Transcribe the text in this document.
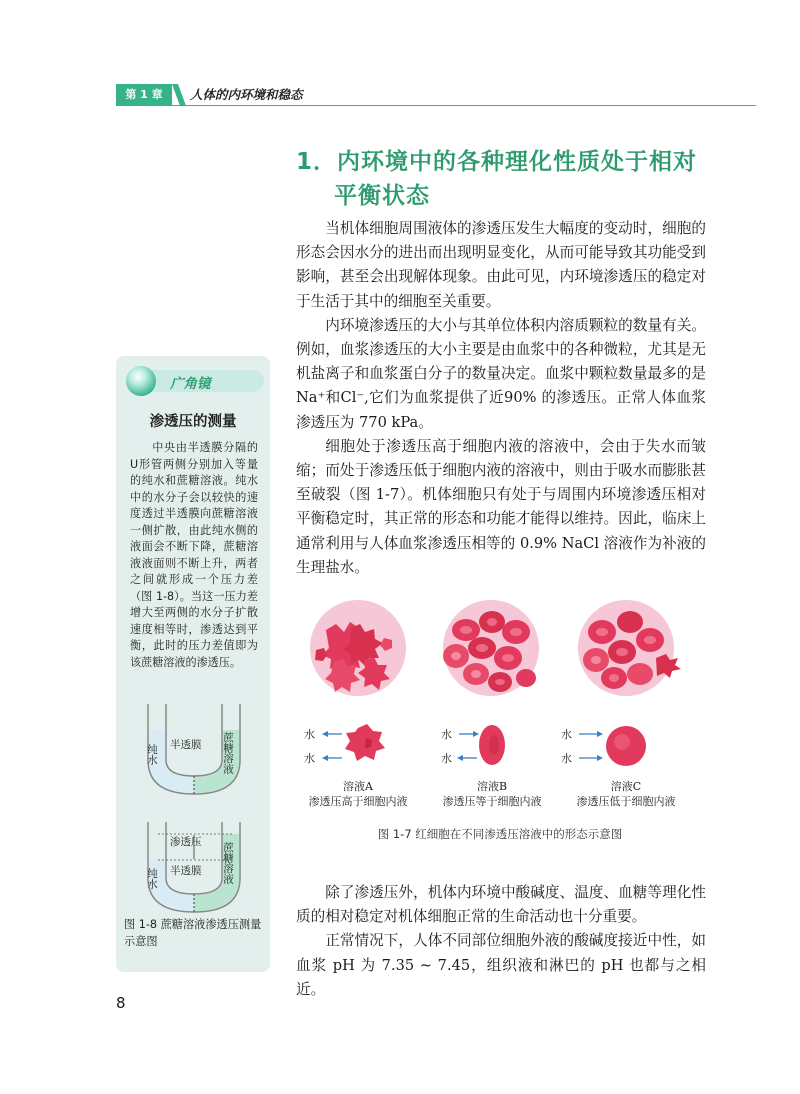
第 1 章	人体的内环境和稳态
1．内环境中的各种理化性质处于相对
平衡状态

当机体细胞周围液体的渗透压发生大幅度的变动时，细胞的形态会因水分的进出而出现明显变化，从而可能导致其功能受到影响，甚至会出现解体现象。由此可见，内环境渗透压的稳定对于生活于其中的细胞至关重要。

内环境渗透压的大小与其单位体积内溶质颗粒的数量有关。例如，血浆渗透压的大小主要是由血浆中的各种微粒，尤其是无机盐离子和血浆蛋白分子的数量决定。血浆中颗粒数量最多的是Na⁺和Cl⁻,它们为血浆提供了近90% 的渗透压。正常人体血浆渗透压为 770 kPa。

细胞处于渗透压高于细胞内液的溶液中，会由于失水而皱缩；而处于渗透压低于细胞内液的溶液中，则由于吸水而膨胀甚至破裂（图 1-7）。机体细胞只有处于与周围内环境渗透压相对平衡稳定时，其正常的形态和功能才能得以维持。因此，临床上通常利用与人体血浆渗透压相等的 0.9% NaCl 溶液作为补液的生理盐水。

水
水
水
水
水
水
溶液A
渗透压高于细胞内液
溶液B
渗透压等于细胞内液
溶液C
渗透压低于细胞内液
图 1-7 红细胞在不同渗透压溶液中的形态示意图

除了渗透压外，机体内环境中酸碱度、温度、血糖等理化性质的相对稳定对机体细胞正常的生命活动也十分重要。

正常情况下，人体不同部位细胞外液的酸碱度接近中性，如血浆 pH 为 7.35 ~ 7.45，组织液和淋巴的 pH 也都与之相近。

广角镜
渗透压的测量

中央由半透膜分隔的U形管两侧分别加入等量的纯水和蔗糖溶液。纯水中的水分子会以较快的速度透过半透膜向蔗糖溶液一侧扩散，由此纯水侧的液面会不断下降，蔗糖溶液液面则不断上升，两者之间就形成一个压力差（图 1-8）。当这一压力差增大至两侧的水分子扩散速度相等时，渗透达到平衡，此时的压力差值即为该蔗糖溶液的渗透压。

纯水 半透膜 蔗糖溶液
纯水
渗透压
半透膜 蔗糖溶液
图 1-8 蔗糖溶液渗透压测量示意图
8
